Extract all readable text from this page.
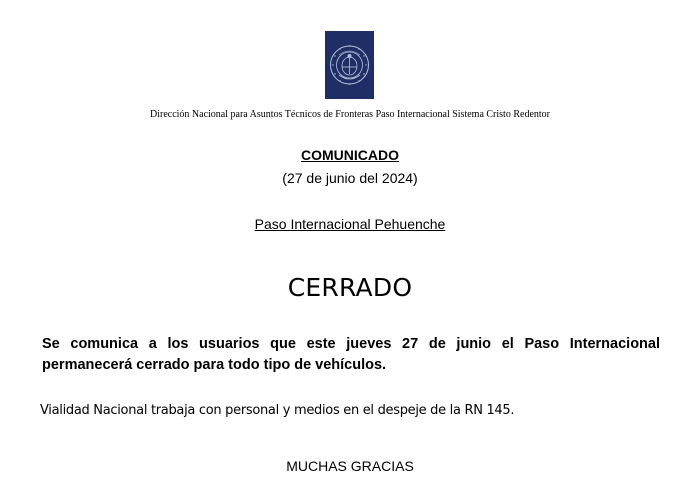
Dirección Nacional para Asuntos Técnicos de Fronteras Paso Internacional Sistema Cristo Redentor
COMUNICADO
(27 de junio del 2024)
Paso Internacional Pehuenche
CERRADO
Se comunica a los usuarios que este jueves 27 de junio el Paso Internacional permanecerá cerrado para todo tipo de vehículos.
Vialidad Nacional trabaja con personal y medios en el despeje de la RN 145.
MUCHAS GRACIAS
